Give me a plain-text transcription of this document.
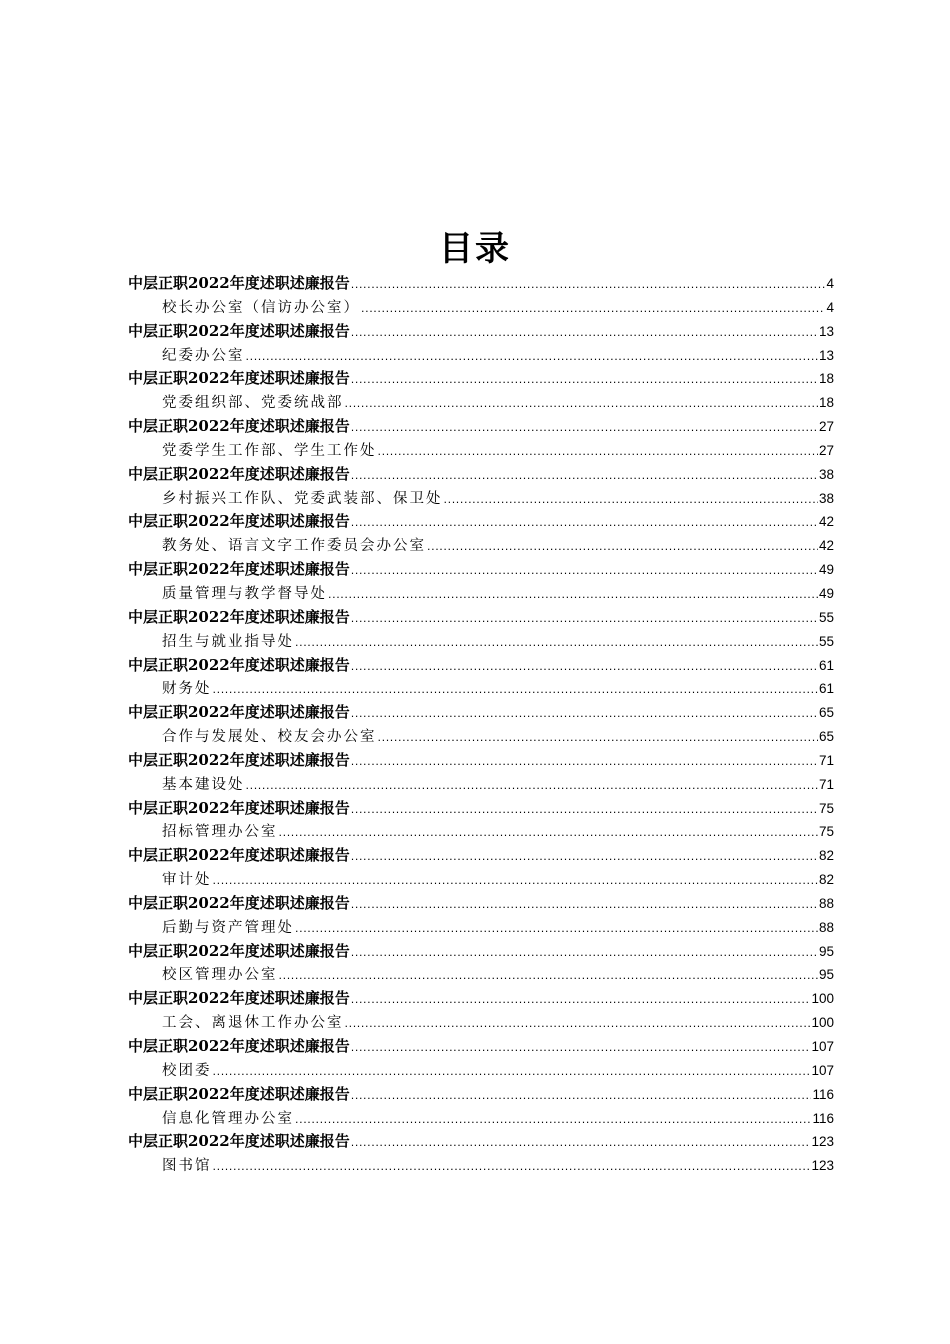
目录
中层正职2022年度述职述廉报告 .....	4
校长办公室（信访办公室） .....	4
中层正职2022年度述职述廉报告 .....	13
纪委办公室 .....	13
中层正职2022年度述职述廉报告 .....	18
党委组织部、党委统战部 .....	18
中层正职2022年度述职述廉报告 .....	27
党委学生工作部、学生工作处 .....	27
中层正职2022年度述职述廉报告 .....	38
乡村振兴工作队、党委武装部、保卫处 .....	38
中层正职2022年度述职述廉报告 .....	42
教务处、语言文字工作委员会办公室 .....	42
中层正职2022年度述职述廉报告 .....	49
质量管理与教学督导处 .....	49
中层正职2022年度述职述廉报告 .....	55
招生与就业指导处 .....	55
中层正职2022年度述职述廉报告 .....	61
财务处 .....	61
中层正职2022年度述职述廉报告 .....	65
合作与发展处、校友会办公室 .....	65
中层正职2022年度述职述廉报告 .....	71
基本建设处 .....	71
中层正职2022年度述职述廉报告 .....	75
招标管理办公室 .....	75
中层正职2022年度述职述廉报告 .....	82
审计处 .....	82
中层正职2022年度述职述廉报告 .....	88
后勤与资产管理处 .....	88
中层正职2022年度述职述廉报告 .....	95
校区管理办公室 .....	95
中层正职2022年度述职述廉报告 .....	100
工会、离退休工作办公室 .....	100
中层正职2022年度述职述廉报告 .....	107
校团委 .....	107
中层正职2022年度述职述廉报告 .....	116
信息化管理办公室 .....	116
中层正职2022年度述职述廉报告 .....	123
图书馆 .....	123
